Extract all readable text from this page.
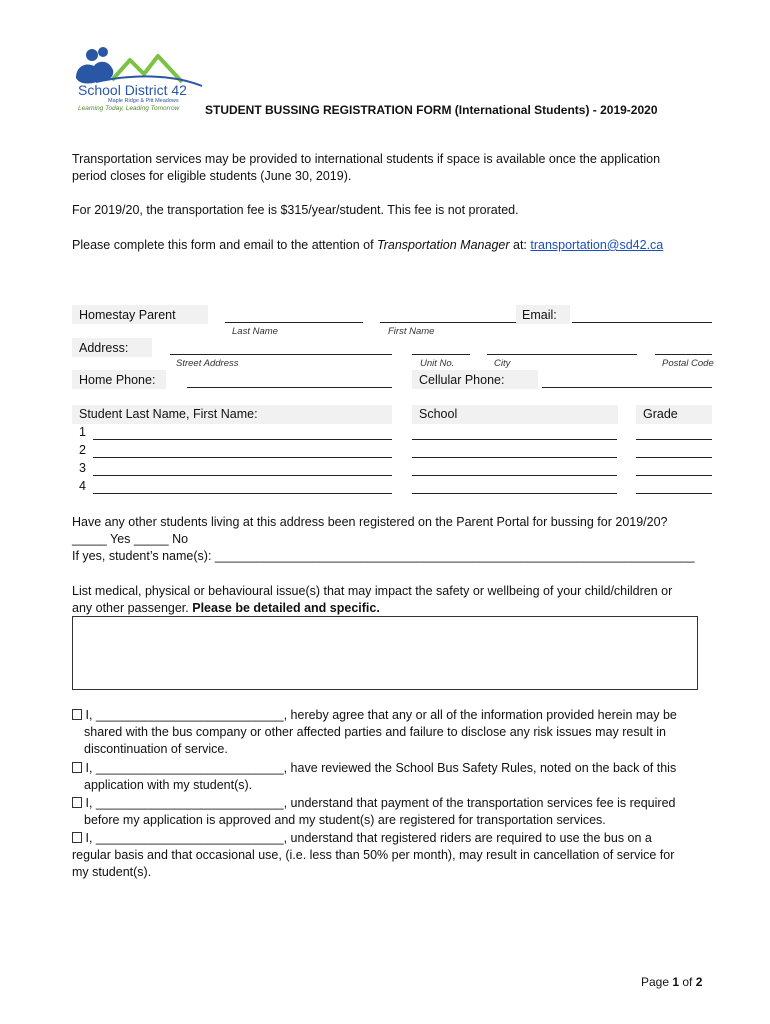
School District 42
Maple Ridge & Pitt Meadows
Learning Today, Leading Tomorrow STUDENT BUSSING REGISTRATION FORM (International Students) - 2019-2020
Transportation services may be provided to international students if space is available once the application
period closes for eligible students (June 30, 2019).
For 2019/20, the transportation fee is $315/year/student. This fee is not prorated.
Please complete this form and email to the attention of Transportation Manager at: transportation@sd42.ca
Homestay Parent	Email:
Last Name	First Name
Address:
Street Address	Unit No.	City	Postal Code
Home Phone:	Cellular Phone:
Student Last Name, First Name:	School	Grade
1
2
3
4
Have any other students living at this address been registered on the Parent Portal for bussing for 2019/20?
_____ Yes _____ No
If yes, student’s name(s): _____________________________________________________________________
List medical, physical or behavioural issue(s) that may impact the safety or wellbeing of your child/children or
any other passenger. Please be detailed and specific.
I, ___________________________, hereby agree that any or all of the information provided herein may be
shared with the bus company or other affected parties and failure to disclose any risk issues may result in
discontinuation of service.
I, ___________________________, have reviewed the School Bus Safety Rules, noted on the back of this
application with my student(s).
I, ___________________________, understand that payment of the transportation services fee is required
before my application is approved and my student(s) are registered for transportation services.
I, ___________________________, understand that registered riders are required to use the bus on a
regular basis and that occasional use, (i.e. less than 50% per month), may result in cancellation of service for
my student(s).
Page 1 of 2
